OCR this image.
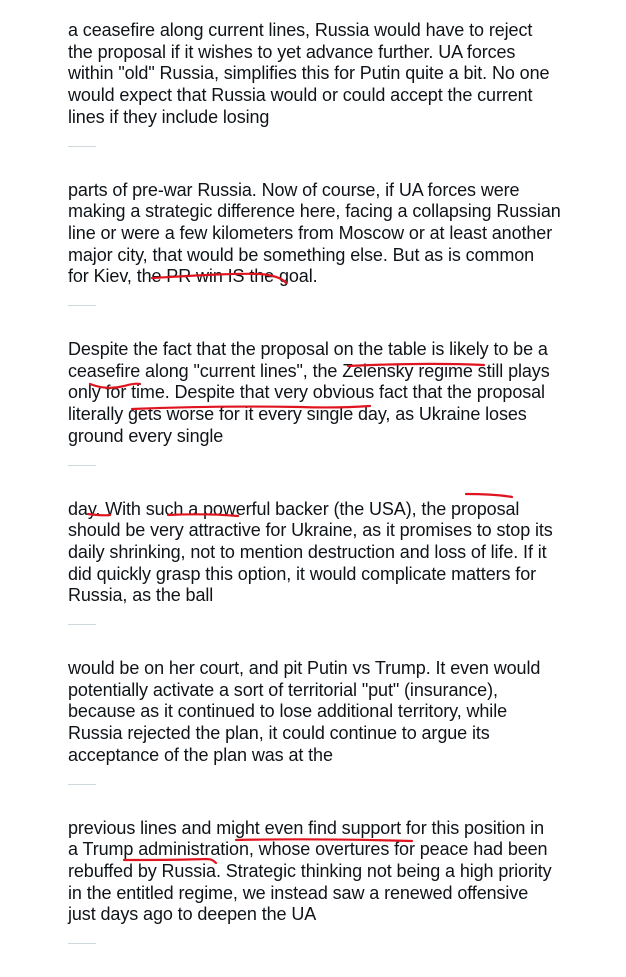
a ceasefire along current lines, Russia would have to reject
the proposal if it wishes to yet advance further. UA forces
within "old" Russia, simplifies this for Putin quite a bit. No one
would expect that Russia would or could accept the current
lines if they include losing

parts of pre-war Russia. Now of course, if UA forces were
making a strategic difference here, facing a collapsing Russian
line or were a few kilometers from Moscow or at least another
major city, that would be something else. But as is common
for Kiev, the PR win IS the goal.

Despite the fact that the proposal on the table is likely to be a
ceasefire along "current lines", the Zelensky regime still plays
only for time. Despite that very obvious fact that the proposal
literally gets worse for it every single day, as Ukraine loses
ground every single

day. With such a powerful backer (the USA), the proposal
should be very attractive for Ukraine, as it promises to stop its
daily shrinking, not to mention destruction and loss of life. If it
did quickly grasp this option, it would complicate matters for
Russia, as the ball

would be on her court, and pit Putin vs Trump. It even would
potentially activate a sort of territorial "put" (insurance),
because as it continued to lose additional territory, while
Russia rejected the plan, it could continue to argue its
acceptance of the plan was at the

previous lines and might even find support for this position in
a Trump administration, whose overtures for peace had been
rebuffed by Russia. Strategic thinking not being a high priority
in the entitled regime, we instead saw a renewed offensive
just days ago to deepen the UA
